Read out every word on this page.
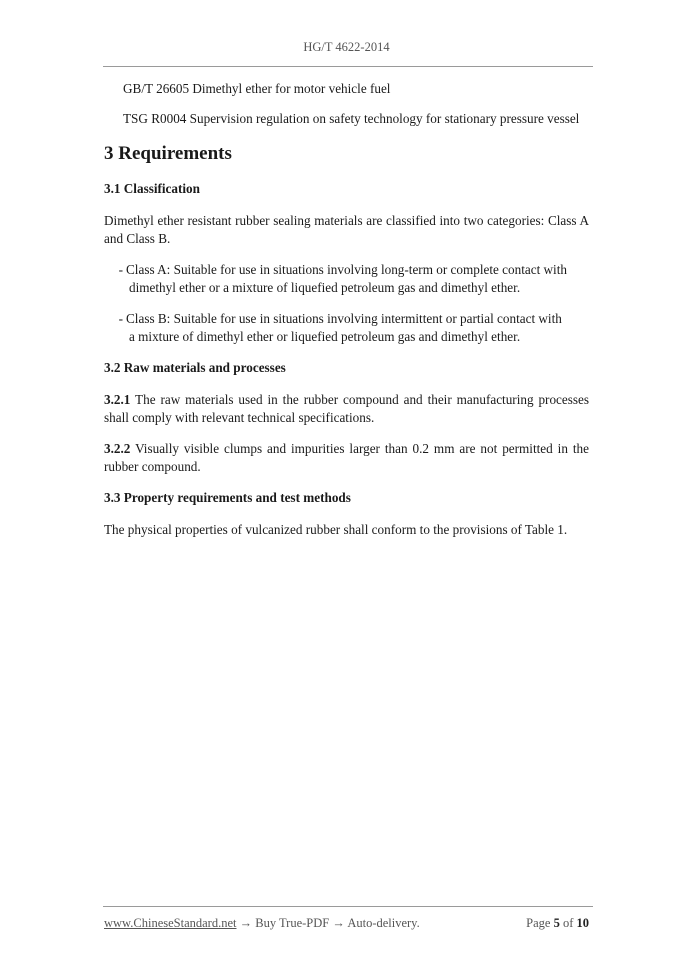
HG/T 4622-2014

GB/T 26605 Dimethyl ether for motor vehicle fuel

TSG R0004 Supervision regulation on safety technology for stationary pressure vessel

3 Requirements

3.1 Classification

Dimethyl ether resistant rubber sealing materials are classified into two categories: Class A and Class B.

- Class A: Suitable for use in situations involving long-term or complete contact with
dimethyl ether or a mixture of liquefied petroleum gas and dimethyl ether.
- Class B: Suitable for use in situations involving intermittent or partial contact with
a mixture of dimethyl ether or liquefied petroleum gas and dimethyl ether.

3.2 Raw materials and processes

3.2.1 The raw materials used in the rubber compound and their manufacturing processes shall comply with relevant technical specifications.

3.2.2 Visually visible clumps and impurities larger than 0.2 mm are not permitted in the rubber compound.

3.3 Property requirements and test methods

The physical properties of vulcanized rubber shall conform to the provisions of Table 1.

www.ChineseStandard.net → Buy True-PDF → Auto-delivery.	Page 5 of 10
